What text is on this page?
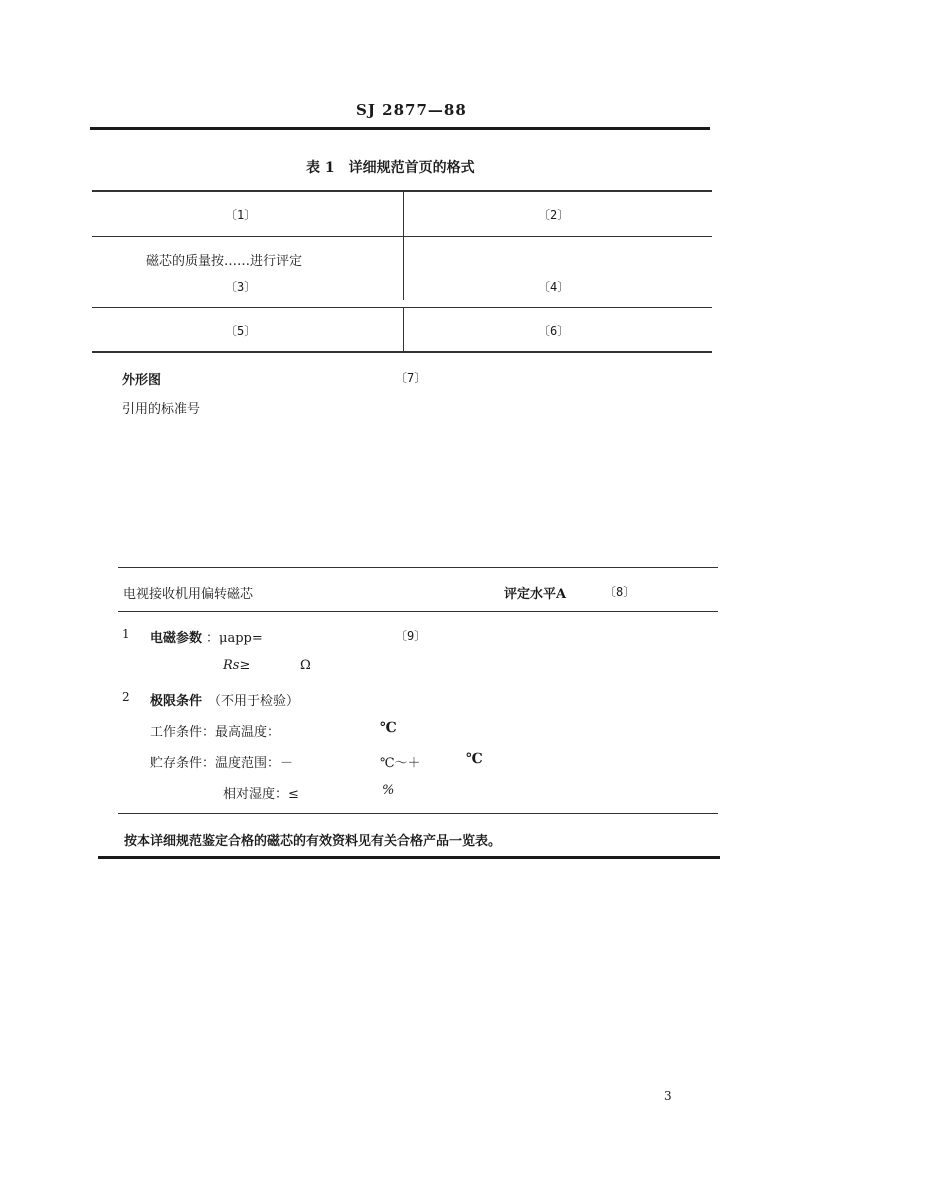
SJ 2877—88
表 1　详细规范首页的格式
〔1〕	〔2〕
磁芯的质量按……进行评定
〔3〕	〔4〕
〔5〕	〔6〕
外形图	〔7〕
引用的标准号
电视接收机用偏转磁芯	评定水平A	〔8〕
1 电磁参数 ：μapp=	〔9〕
Rs≥	Ω
2 极限条件 （不用于检验）
工作条件：最高温度：	℃
贮存条件：温度范围：－	℃～＋	℃
相对湿度：≤	%
按本详细规范鉴定合格的磁芯的有效资料见有关合格产品一览表。
3
